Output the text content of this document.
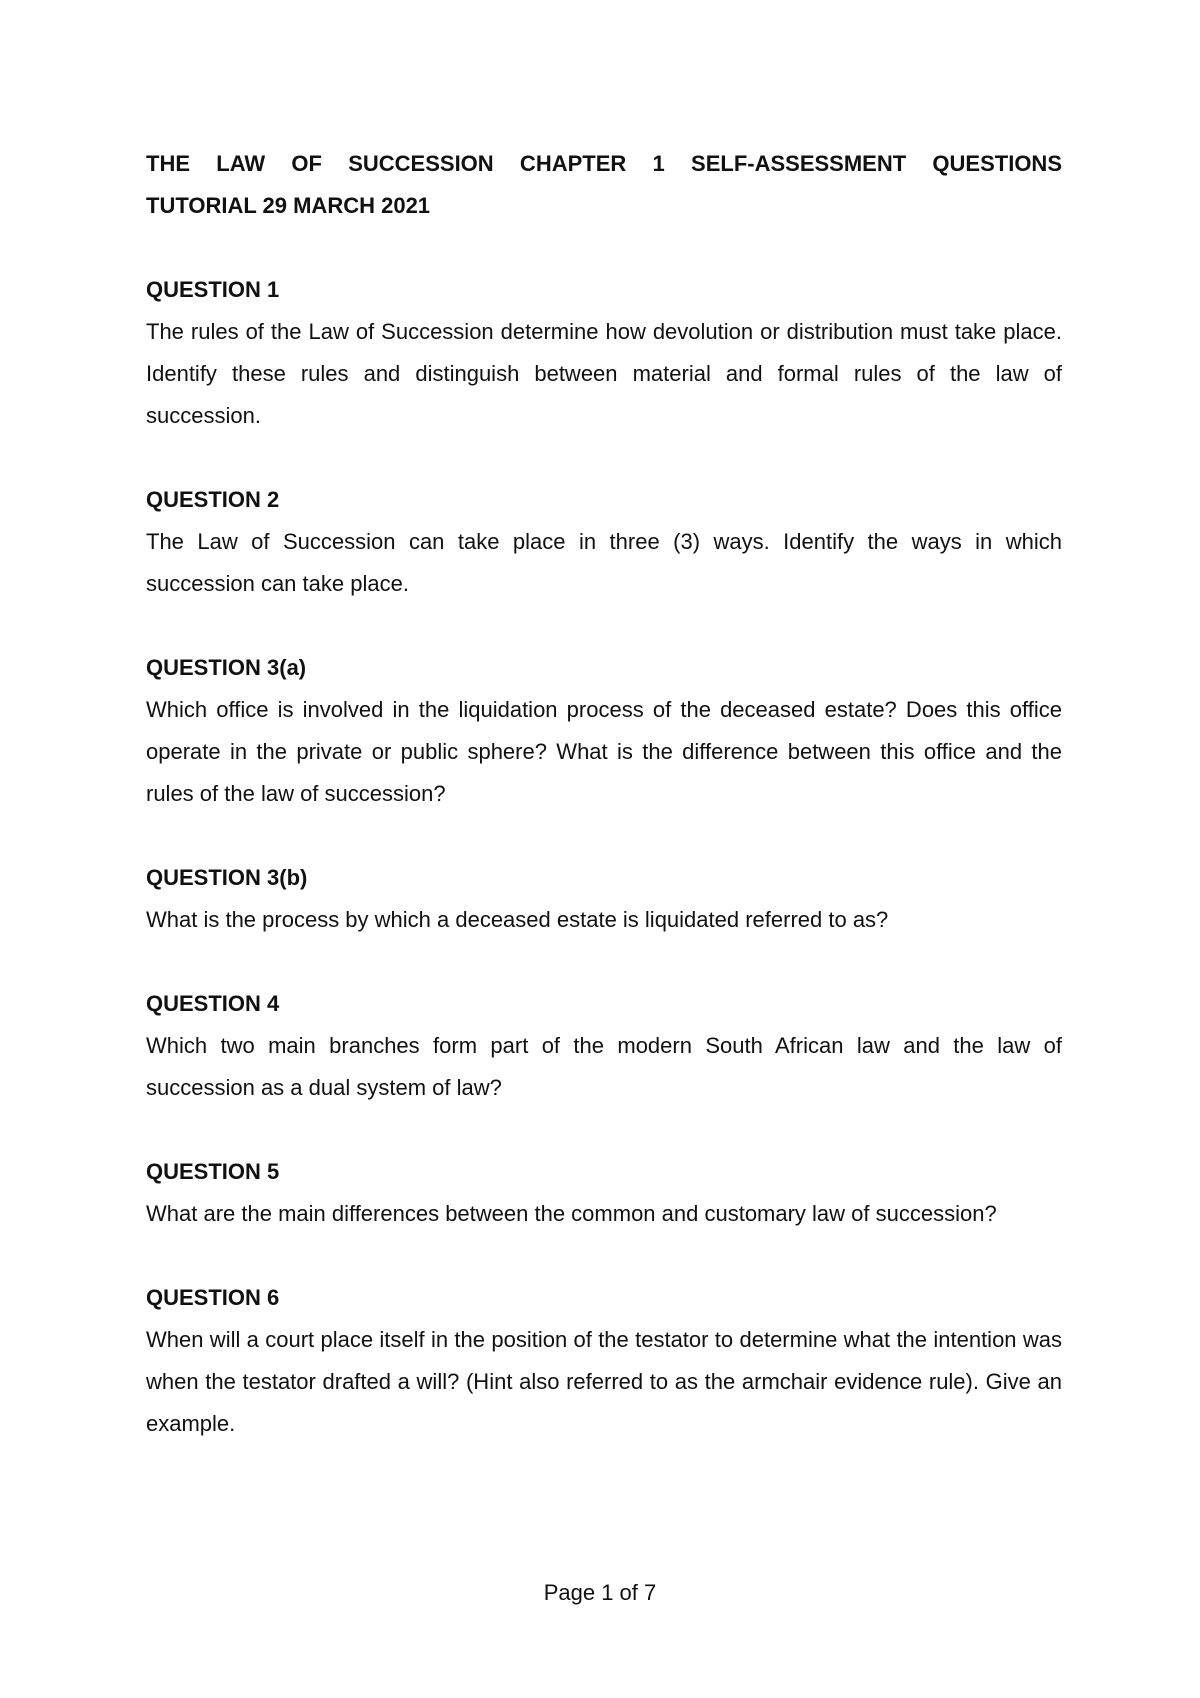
THE LAW OF SUCCESSION CHAPTER 1 SELF-ASSESSMENT QUESTIONS
TUTORIAL 29 MARCH 2021

QUESTION 1

The rules of the Law of Succession determine how devolution or distribution must take place. Identify these rules and distinguish between material and formal rules of the law of succession.

QUESTION 2

The Law of Succession can take place in three (3) ways. Identify the ways in which succession can take place.

QUESTION 3(a)

Which office is involved in the liquidation process of the deceased estate? Does this office operate in the private or public sphere? What is the difference between this office and the rules of the law of succession?

QUESTION 3(b)

What is the process by which a deceased estate is liquidated referred to as?

QUESTION 4

Which two main branches form part of the modern South African law and the law of succession as a dual system of law?

QUESTION 5

What are the main differences between the common and customary law of succession?

QUESTION 6

When will a court place itself in the position of the testator to determine what the intention was when the testator drafted a will? (Hint also referred to as the armchair evidence rule). Give an example.

Page 1 of 7
